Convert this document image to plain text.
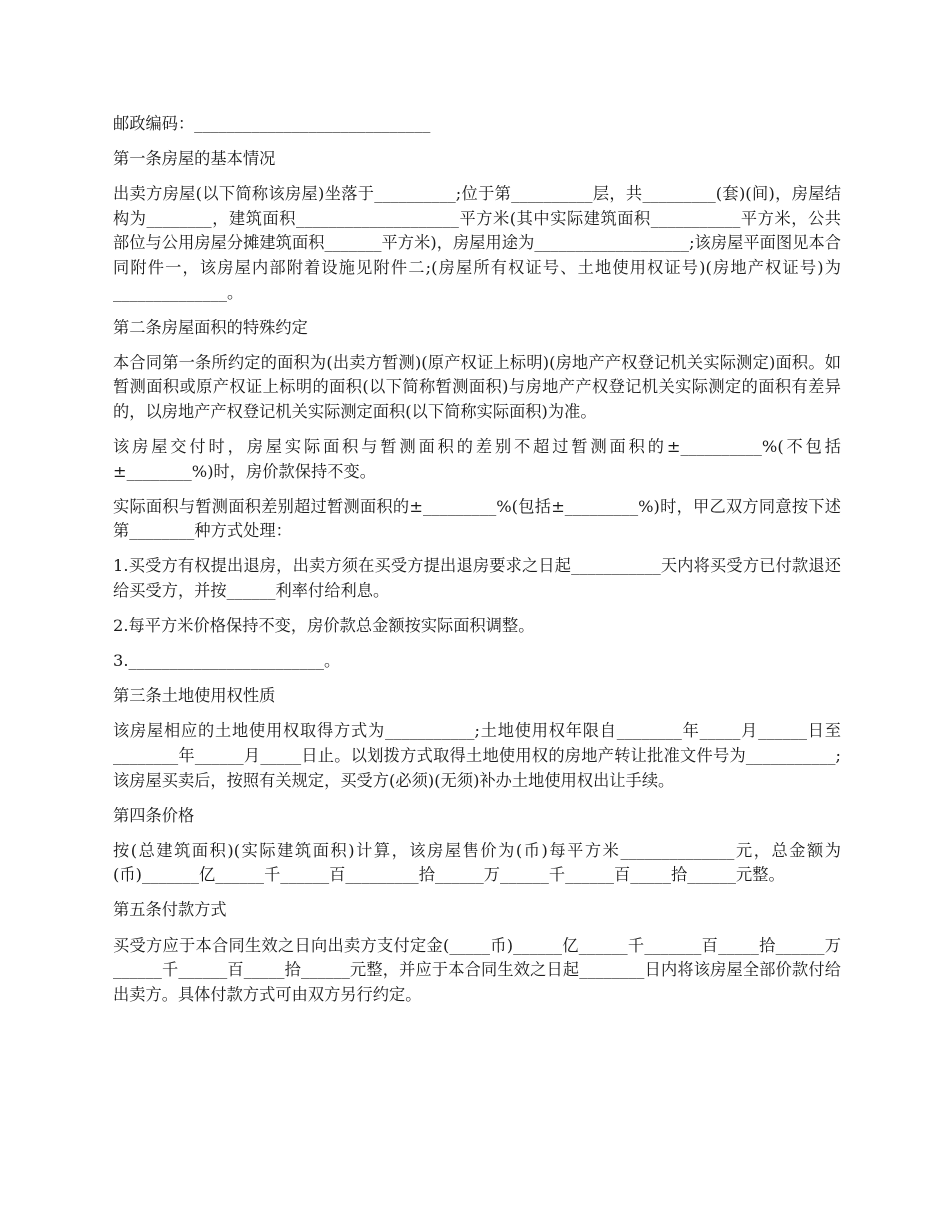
邮政编码：_____________________________

第一条房屋的基本情况

出卖方房屋(以下简称该房屋)坐落于__________;位于第__________层，共_________(套)(间)，房屋结构为________，建筑面积____________________平方米(其中实际建筑面积___________平方米，公共部位与公用房屋分摊建筑面积_______平方米)，房屋用途为___________________;该房屋平面图见本合同附件一，该房屋内部附着设施见附件二;(房屋所有权证号、土地使用权证号)(房地产权证号)为______________。

第二条房屋面积的特殊约定

本合同第一条所约定的面积为(出卖方暂测)(原产权证上标明)(房地产产权登记机关实际测定)面积。如暂测面积或原产权证上标明的面积(以下简称暂测面积)与房地产产权登记机关实际测定的面积有差异的，以房地产产权登记机关实际测定面积(以下简称实际面积)为准。

该房屋交付时，房屋实际面积与暂测面积的差别不超过暂测面积的±__________%(不包括±________%)时，房价款保持不变。

实际面积与暂测面积差别超过暂测面积的±_________%(包括±_________%)时，甲乙双方同意按下述第________种方式处理：

1.买受方有权提出退房，出卖方须在买受方提出退房要求之日起___________天内将买受方已付款退还给买受方，并按______利率付给利息。

2.每平方米价格保持不变，房价款总金额按实际面积调整。

3.________________________。

第三条土地使用权性质

该房屋相应的土地使用权取得方式为___________;土地使用权年限自________年_____月______日至________年______月_____日止。以划拨方式取得土地使用权的房地产转让批准文件号为___________;该房屋买卖后，按照有关规定，买受方(必须)(无须)补办土地使用权出让手续。

第四条价格

按(总建筑面积)(实际建筑面积)计算，该房屋售价为(币)每平方米______________元，总金额为(币)_______亿______千______百_________拾______万______千______百_____拾______元整。

第五条付款方式

买受方应于本合同生效之日向出卖方支付定金(_____币)______亿______千_______百_____拾______万______千______百_____拾______元整，并应于本合同生效之日起________日内将该房屋全部价款付给出卖方。具体付款方式可由双方另行约定。
